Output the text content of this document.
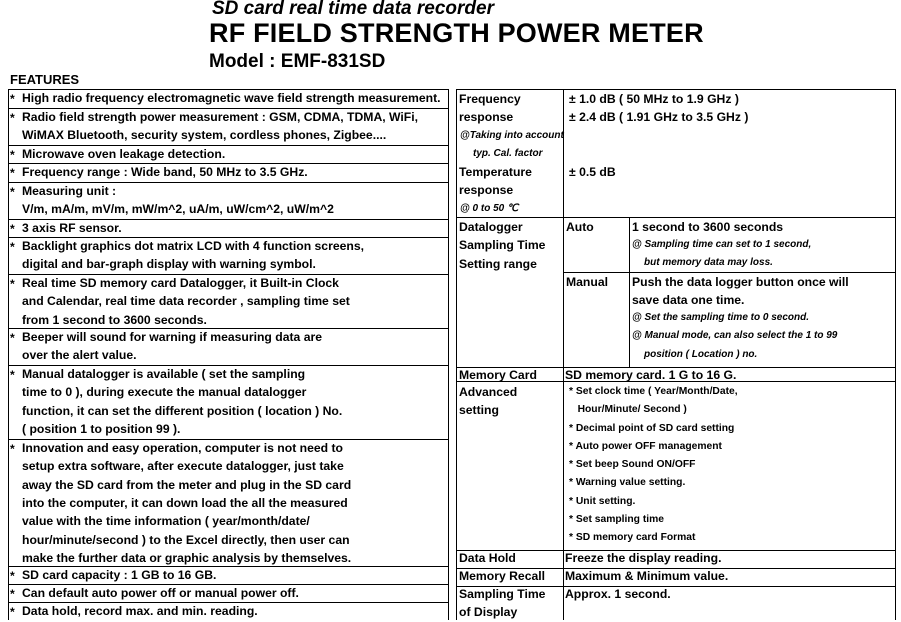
SD card real time data recorder
RF FIELD STRENGTH POWER METER
Model : EMF-831SD
FEATURES
* High radio frequency electromagnetic wave field strength measurement.
* Radio field strength power measurement : GSM, CDMA, TDMA, WiFi,
WiMAX Bluetooth, security system, cordless phones, Zigbee....
* Microwave oven leakage detection.
* Frequency range : Wide band, 50 MHz to 3.5 GHz.
* Measuring unit :
V/m, mA/m, mV/m, mW/m^2, uA/m, uW/cm^2, uW/m^2
* 3 axis RF sensor.
* Backlight graphics dot matrix LCD with 4 function screens,
digital and bar-graph display with warning symbol.
* Real time SD memory card Datalogger, it Built-in Clock
and Calendar, real time data recorder , sampling time set
from 1 second to 3600 seconds.
* Beeper will sound for warning if measuring data are
over the alert value.
* Manual datalogger is available ( set the sampling
time to 0 ), during execute the manual datalogger
function, it can set the different position ( location ) No.
( position 1 to position 99 ).
* Innovation and easy operation, computer is not need to
setup extra software, after execute datalogger, just take
away the SD card from the meter and plug in the SD card
into the computer, it can down load the all the measured
value with the time information ( year/month/date/
hour/minute/second ) to the Excel directly, then user can
make the further data or graphic analysis by themselves.
* SD card capacity : 1 GB to 16 GB.
* Can default auto power off or manual power off.
* Data hold, record max. and min. reading.
Frequency
response
@Taking into account
typ. Cal. factor
± 1.0 dB ( 50 MHz to 1.9 GHz )
± 2.4 dB ( 1.91 GHz to 3.5 GHz )
Temperature
response
@ 0 to 50 ℃
± 0.5 dB
Datalogger
Sampling Time
Setting range
Auto	1 second to 3600 seconds
@ Sampling time can set to 1 second,
but memory data may loss.
Manual Push the data logger button once will
save data one time.
@ Set the sampling time to 0 second.
@ Manual mode, can also select the 1 to 99
position ( Location ) no.
Memory Card SD memory card. 1 G to 16 G.
Advanced
setting
* Set clock time ( Year/Month/Date,
Hour/Minute/ Second )
* Decimal point of SD card setting
* Auto power OFF management
* Set beep Sound ON/OFF
* Warning value setting.
* Unit setting.
* Set sampling time
* SD memory card Format
Data Hold	Freeze the display reading.
Memory Recall Maximum & Minimum value.
Sampling Time
of Display
Approx. 1 second.
